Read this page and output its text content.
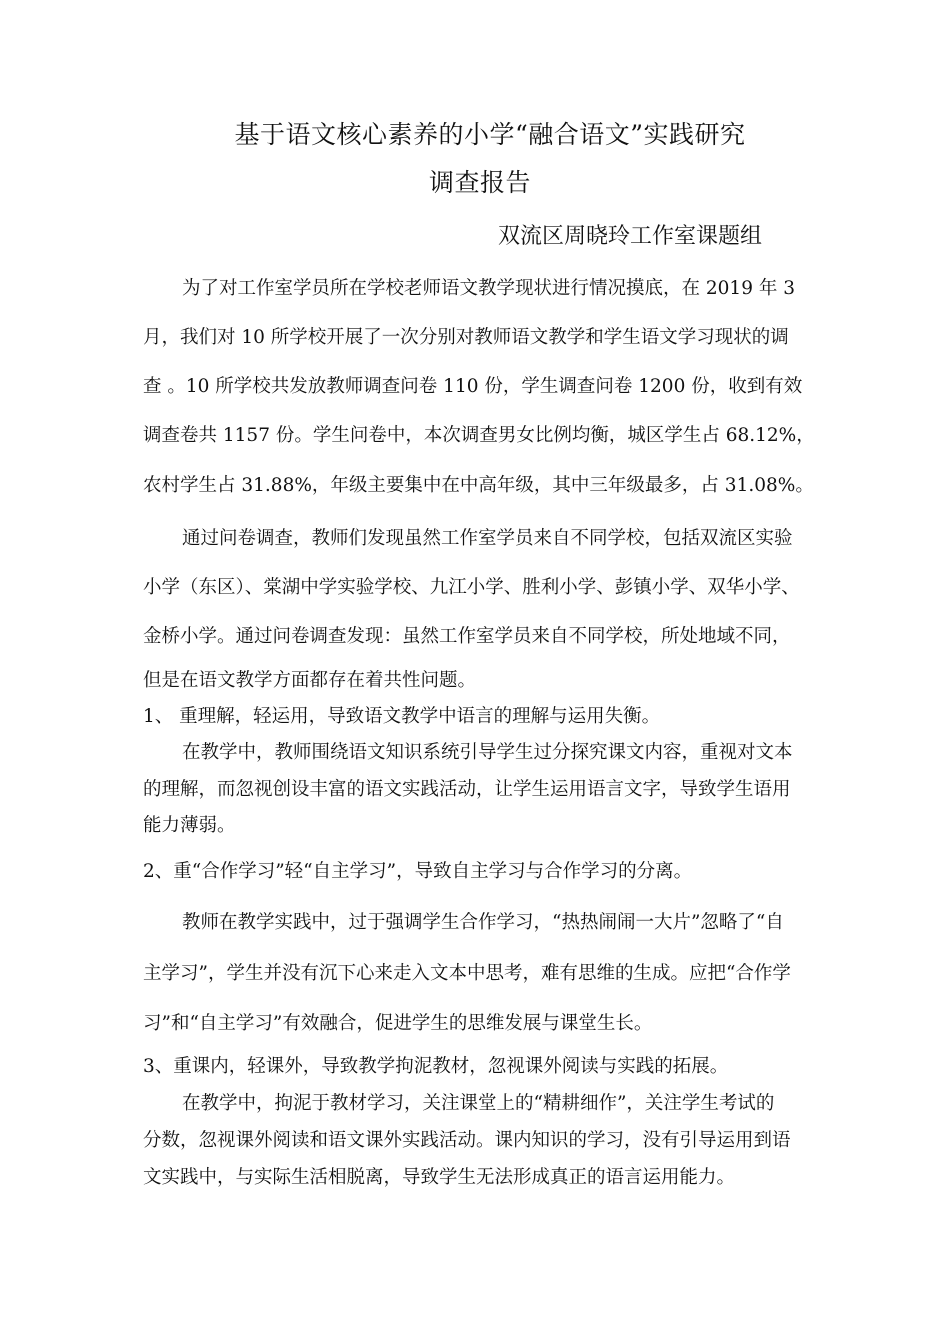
基于语文核心素养的小学“融合语文”实践研究
调查报告
双流区周晓玲工作室课题组
为了对工作室学员所在学校老师语文教学现状进行情况摸底，在 2019 年 3
月，我们对 10 所学校开展了一次分别对教师语文教学和学生语文学习现状的调
查 。10 所学校共发放教师调查问卷 110 份，学生调查问卷 1200 份，收到有效
调查卷共 1157 份。学生问卷中，本次调查男女比例均衡，城区学生占 68.12%，
农村学生占 31.88%，年级主要集中在中高年级，其中三年级最多，占 31.08%。
通过问卷调查，教师们发现虽然工作室学员来自不同学校，包括双流区实验
小学（东区）、棠湖中学实验学校、九江小学、胜利小学、彭镇小学、双华小学、
金桥小学。通过问卷调查发现：虽然工作室学员来自不同学校，所处地域不同，
但是在语文教学方面都存在着共性问题。
1、 重理解，轻运用，导致语文教学中语言的理解与运用失衡。
在教学中，教师围绕语文知识系统引导学生过分探究课文内容，重视对文本
的理解，而忽视创设丰富的语文实践活动，让学生运用语言文字，导致学生语用
能力薄弱。
2、重“合作学习”轻“自主学习”，导致自主学习与合作学习的分离。
教师在教学实践中，过于强调学生合作学习，“热热闹闹一大片”忽略了“自
主学习”，学生并没有沉下心来走入文本中思考，难有思维的生成。应把“合作学
习”和“自主学习”有效融合，促进学生的思维发展与课堂生长。
3、重课内，轻课外，导致教学拘泥教材，忽视课外阅读与实践的拓展。
在教学中，拘泥于教材学习，关注课堂上的“精耕细作”，关注学生考试的
分数，忽视课外阅读和语文课外实践活动。课内知识的学习，没有引导运用到语
文实践中，与实际生活相脱离，导致学生无法形成真正的语言运用能力。
